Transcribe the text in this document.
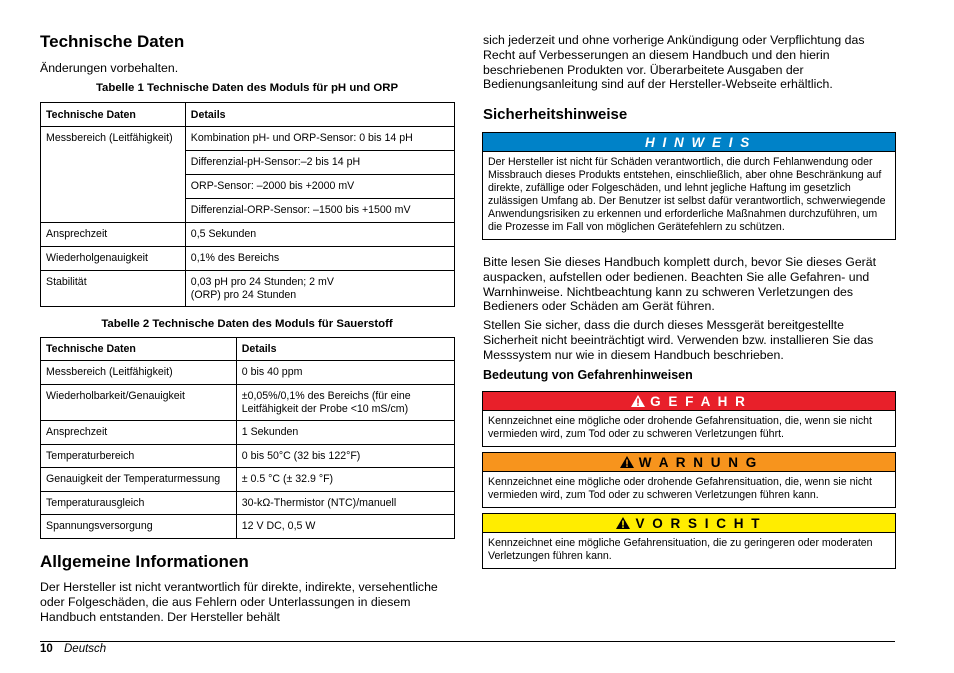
Technische Daten
Änderungen vorbehalten.
Tabelle 1 Technische Daten des Moduls für pH und ORP
Technische Daten	Details
Messbereich (Leitfähigkeit)	Kombination pH- und ORP-Sensor: 0 bis 14 pH
	Differenzial-pH-Sensor:–2 bis 14 pH
	ORP-Sensor: –2000 bis +2000 mV
	Differenzial-ORP-Sensor: –1500 bis +1500 mV
Ansprechzeit	0,5 Sekunden
Wiederholgenauigkeit	0,1% des Bereichs
Stabilität	0,03 pH pro 24 Stunden; 2 mV (ORP) pro 24 Stunden
Tabelle 2 Technische Daten des Moduls für Sauerstoff
Technische Daten	Details
Messbereich (Leitfähigkeit)	0 bis 40 ppm
Wiederholbarkeit/Genauigkeit	±0,05%/0,1% des Bereichs (für eine Leitfähigkeit der Probe <10 mS/cm)
Ansprechzeit	1 Sekunden
Temperaturbereich	0 bis 50°C (32 bis 122°F)
Genauigkeit der Temperaturmessung	± 0.5 °C (± 32.9 °F)
Temperaturausgleich	30-kΩ-Thermistor (NTC)/manuell
Spannungsversorgung	12 V DC, 0,5 W
Allgemeine Informationen
Der Hersteller ist nicht verantwortlich für direkte, indirekte, versehentliche oder Folgeschäden, die aus Fehlern oder Unterlassungen in diesem Handbuch entstanden. Der Hersteller behält
sich jederzeit und ohne vorherige Ankündigung oder Verpflichtung das Recht auf Verbesserungen an diesem Handbuch und den hierin beschriebenen Produkten vor. Überarbeitete Ausgaben der Bedienungsanleitung sind auf der Hersteller-Webseite erhältlich.
Sicherheitshinweise
H I N W E I S
Der Hersteller ist nicht für Schäden verantwortlich, die durch Fehlanwendung oder Missbrauch dieses Produkts entstehen, einschließlich, aber ohne Beschränkung auf direkte, zufällige oder Folgeschäden, und lehnt jegliche Haftung im gesetzlich zulässigen Umfang ab. Der Benutzer ist selbst dafür verantwortlich, schwerwiegende Anwendungsrisiken zu erkennen und erforderliche Maßnahmen durchzuführen, um die Prozesse im Fall von möglichen Gerätefehlern zu schützen.
Bitte lesen Sie dieses Handbuch komplett durch, bevor Sie dieses Gerät auspacken, aufstellen oder bedienen. Beachten Sie alle Gefahren- und Warnhinweise. Nichtbeachtung kann zu schweren Verletzungen des Bedieners oder Schäden am Gerät führen.
Stellen Sie sicher, dass die durch dieses Messgerät bereitgestellte Sicherheit nicht beeinträchtigt wird. Verwenden bzw. installieren Sie das Messsystem nur wie in diesem Handbuch beschrieben.
Bedeutung von Gefahrenhinweisen
G E F A H R
Kennzeichnet eine mögliche oder drohende Gefahrensituation, die, wenn sie nicht vermieden wird, zum Tod oder zu schweren Verletzungen führt.
W A R N U N G
Kennzeichnet eine mögliche oder drohende Gefahrensituation, die, wenn sie nicht vermieden wird, zum Tod oder zu schweren Verletzungen führen kann.
V O R S I C H T
Kennzeichnet eine mögliche Gefahrensituation, die zu geringeren oder moderaten Verletzungen führen kann.
10 Deutsch
